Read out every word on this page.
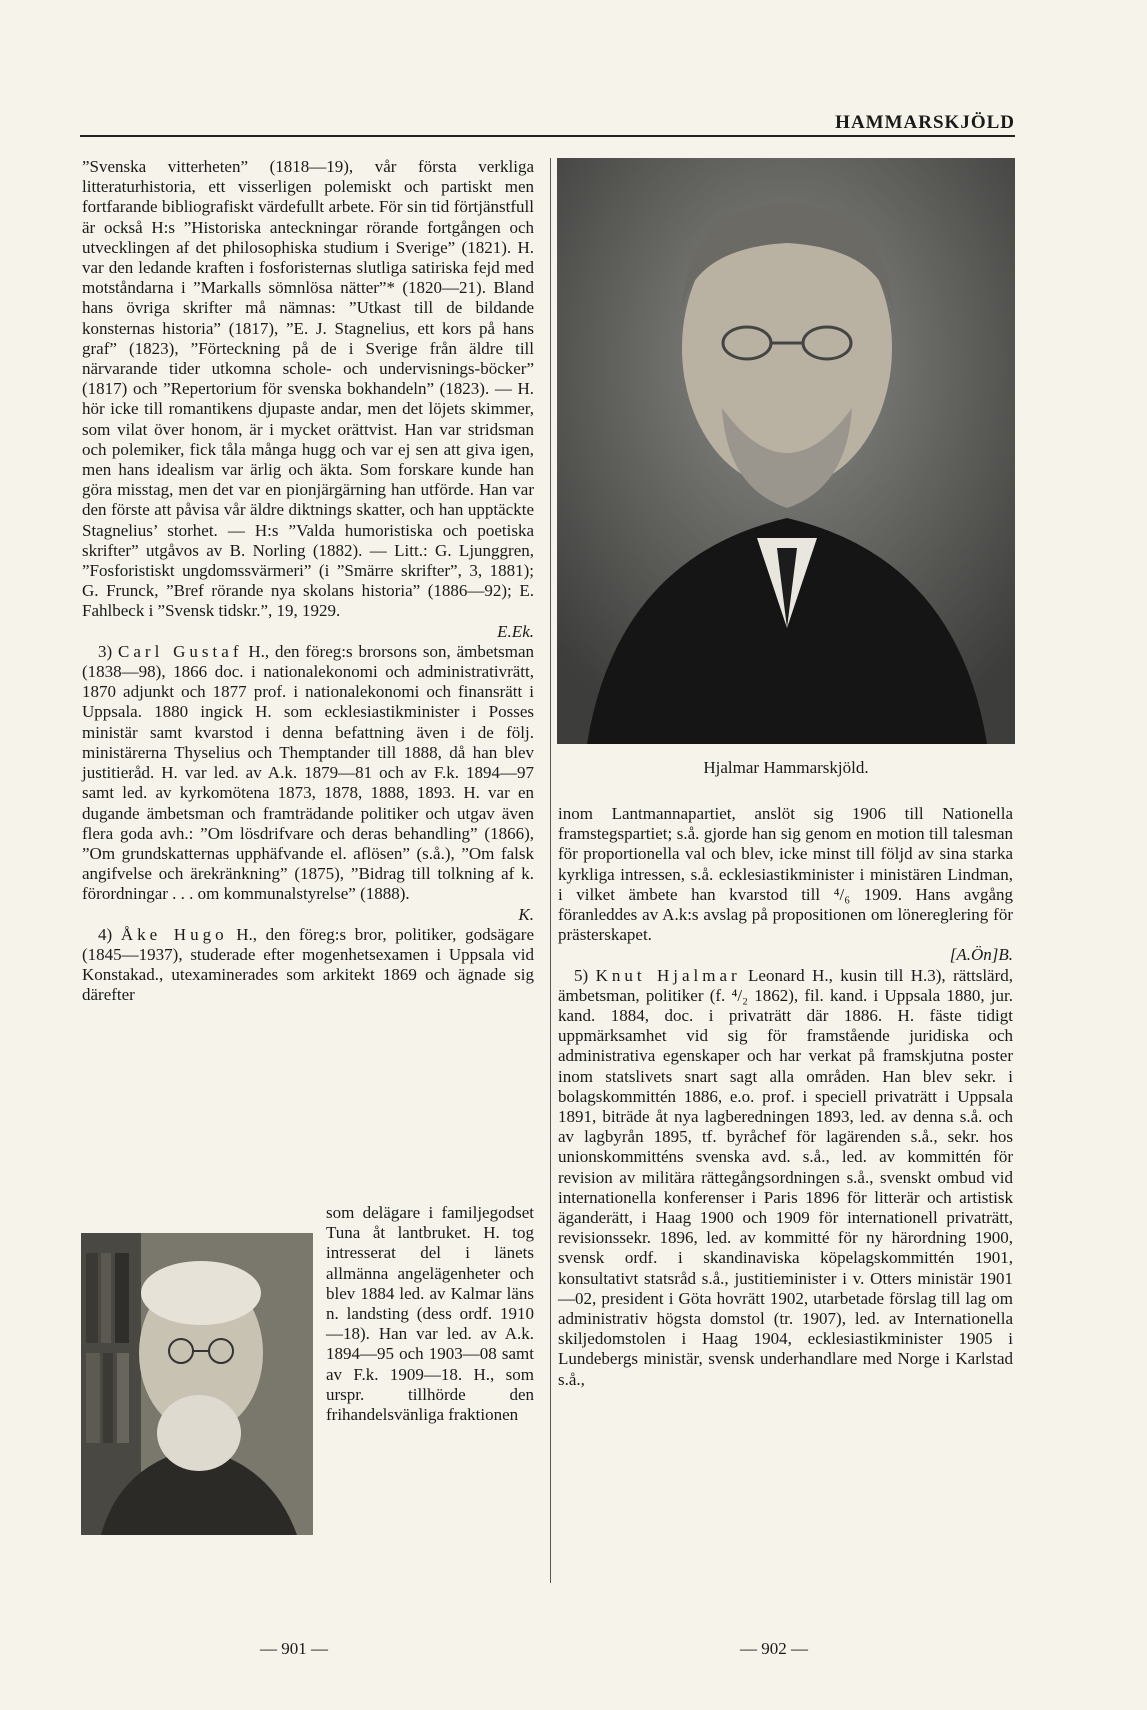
HAMMARSKJÖLD

”Svenska vitterheten” (1818—19), vår första verkliga litteraturhistoria, ett visserligen polemiskt och partiskt men fortfarande bibliografiskt värdefullt arbete. För sin tid förtjänstfull är också H:s ”Historiska anteckningar rörande fortgången och utvecklingen af det philosophiska studium i Sverige” (1821). H. var den ledande kraften i fosforisternas slutliga satiriska fejd med motståndarna i ”Markalls sömnlösa nätter”* (1820—21). Bland hans övriga skrifter må nämnas: ”Utkast till de bildande konsternas historia” (1817), ”E. J. Stagnelius, ett kors på hans graf” (1823), ”Förteckning på de i Sverige från äldre till närvarande tider utkomna schole- och undervisnings-böcker” (1817) och ”Repertorium för svenska bokhandeln” (1823). — H. hör icke till romantikens djupaste andar, men det löjets skimmer, som vilat över honom, är i mycket orättvist. Han var stridsman och polemiker, fick tåla många hugg och var ej sen att giva igen, men hans idealism var ärlig och äkta. Som forskare kunde han göra misstag, men det var en pionjärgärning han utförde. Han var den förste att påvisa vår äldre diktnings skatter, och han upptäckte Stagnelius’ storhet. — H:s ”Valda humoristiska och poetiska skrifter” utgåvos av B. Norling (1882). — Litt.: G. Ljunggren, ”Fosforistiskt ungdomssvärmeri” (i ”Smärre skrifter”, 3, 1881); G. Frunck, ”Bref rörande nya skolans historia” (1886—92); E. Fahlbeck i ”Svensk tidskr.”, 19, 1929.
E.Ek.

3) Carl Gustaf H., den föreg:s brorsons son, ämbetsman (1838—98), 1866 doc. i nationalekonomi och administrativrätt, 1870 adjunkt och 1877 prof. i nationalekonomi och finansrätt i Uppsala. 1880 ingick H. som ecklesiastikminister i Posses ministär samt kvarstod i denna befattning även i de följ. ministärerna Thyselius och Themptander till 1888, då han blev justitieråd. H. var led. av A.k. 1879—81 och av F.k. 1894—97 samt led. av kyrkomötena 1873, 1878, 1888, 1893. H. var en dugande ämbetsman och framträdande politiker och utgav även flera goda avh.: ”Om lösdrifvare och deras behandling” (1866), ”Om grundskatternas upphäfvande el. aflösen” (s.å.), ”Om falsk angifvelse och ärekränkning” (1875), ”Bidrag till tolkning af k. förordningar . . . om kommunalstyrelse” (1888).
K.

4) Åke Hugo H., den föreg:s bror, politiker, godsägare (1845—1937), studerade efter mogenhetsexamen i Uppsala vid Konstakad., utexaminerades som arkitekt 1869 och ägnade sig därefter

som delägare i familjegodset Tuna åt lantbruket. H. tog intresserat del i länets allmänna angelägenheter och blev 1884 led. av Kalmar läns n. landsting (dess ordf. 1910—18). Han var led. av A.k. 1894—95 och 1903—08 samt av F.k. 1909—18. H., som urspr. tillhörde den frihandelsvänliga fraktionen
Hjalmar Hammarskjöld.

inom Lantmannapartiet, anslöt sig 1906 till Nationella framstegspartiet; s.å. gjorde han sig genom en motion till talesman för proportionella val och blev, icke minst till följd av sina starka kyrkliga intressen, s.å. ecklesiastikminister i ministären Lindman, i vilket ämbete han kvarstod till ⁴/₆ 1909. Hans avgång föranleddes av A.k:s avslag på propositionen om lönereglering för prästerskapet.
[A.Ön]B.

5) Knut Hjalmar Leonard H., kusin till H.3), rättslärd, ämbetsman, politiker (f. ⁴/₂ 1862), fil. kand. i Uppsala 1880, jur. kand. 1884, doc. i privaträtt där 1886. H. fäste tidigt uppmärksamhet vid sig för framstående juridiska och administrativa egenskaper och har verkat på framskjutna poster inom statslivets snart sagt alla områden. Han blev sekr. i bolagskommittén 1886, e.o. prof. i speciell privaträtt i Uppsala 1891, biträde åt nya lagberedningen 1893, led. av denna s.å. och av lagbyrån 1895, tf. byråchef för lagärenden s.å., sekr. hos unionskommitténs svenska avd. s.å., led. av kommittén för revision av militära rättegångsordningen s.å., svenskt ombud vid internationella konferenser i Paris 1896 för litterär och artistisk äganderätt, i Haag 1900 och 1909 för internationell privaträtt, revisionssekr. 1896, led. av kommitté för ny härordning 1900, svensk ordf. i skandinaviska köpelagskommittén 1901, konsultativt statsråd s.å., justitieminister i v. Otters ministär 1901—02, president i Göta hovrätt 1902, utarbetade förslag till lag om administrativ högsta domstol (tr. 1907), led. av Internationella skiljedomstolen i Haag 1904, ecklesiastikminister 1905 i Lundebergs ministär, svensk underhandlare med Norge i Karlstad s.å.,

— 901 —	— 902 —
